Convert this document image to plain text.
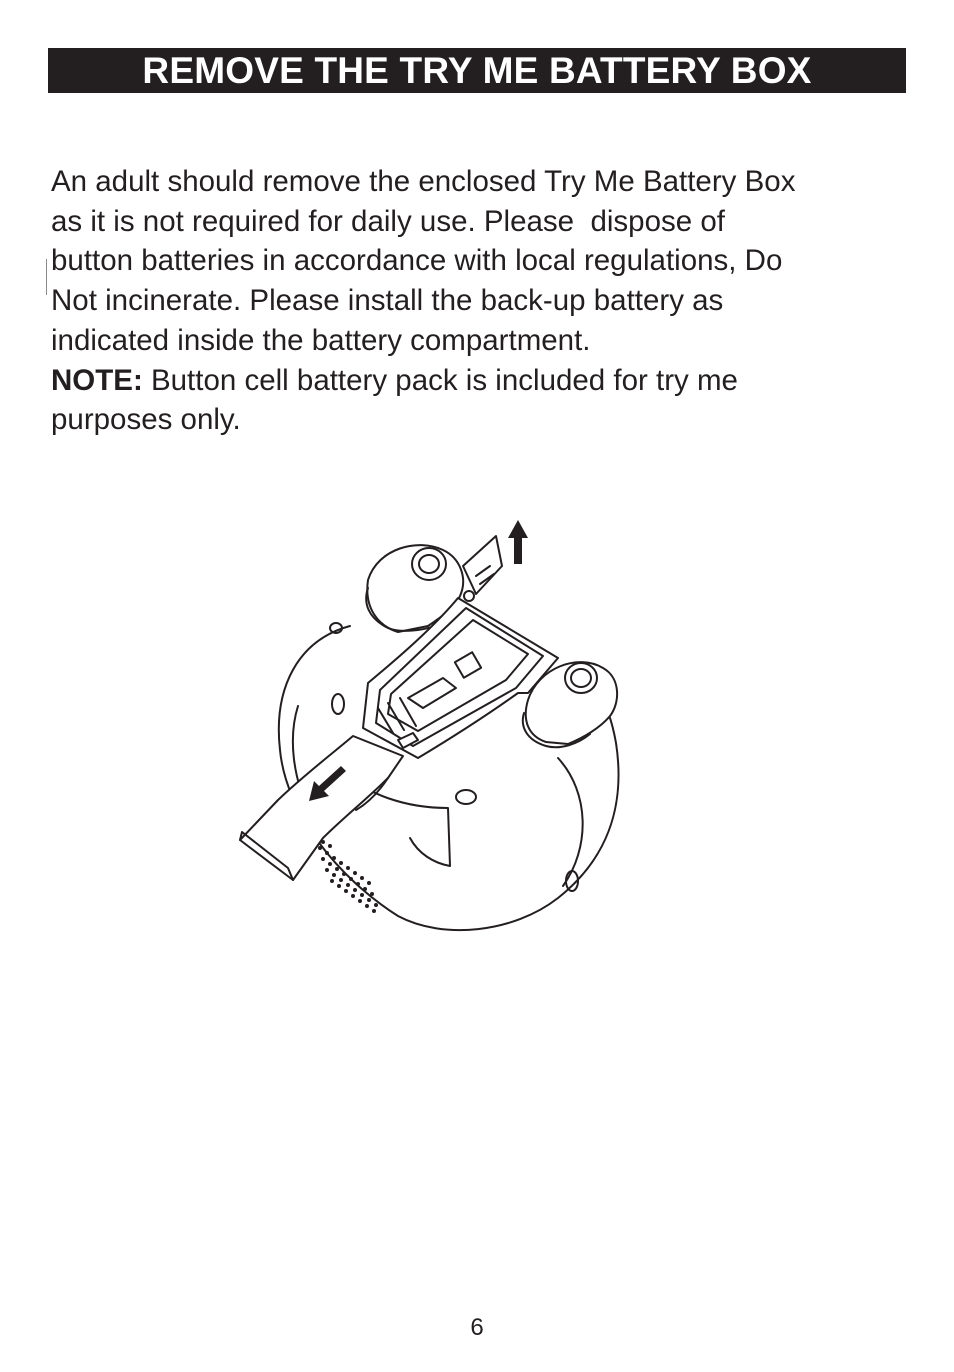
REMOVE THE TRY ME BATTERY BOX

An adult should remove the enclosed Try Me Battery Box
as it is not required for daily use. Please  dispose of
button batteries in accordance with local regulations, Do
Not incinerate. Please install the back-up battery as
indicated inside the battery compartment.

NOTE: Button cell battery pack is included for try me
purposes only.

6
